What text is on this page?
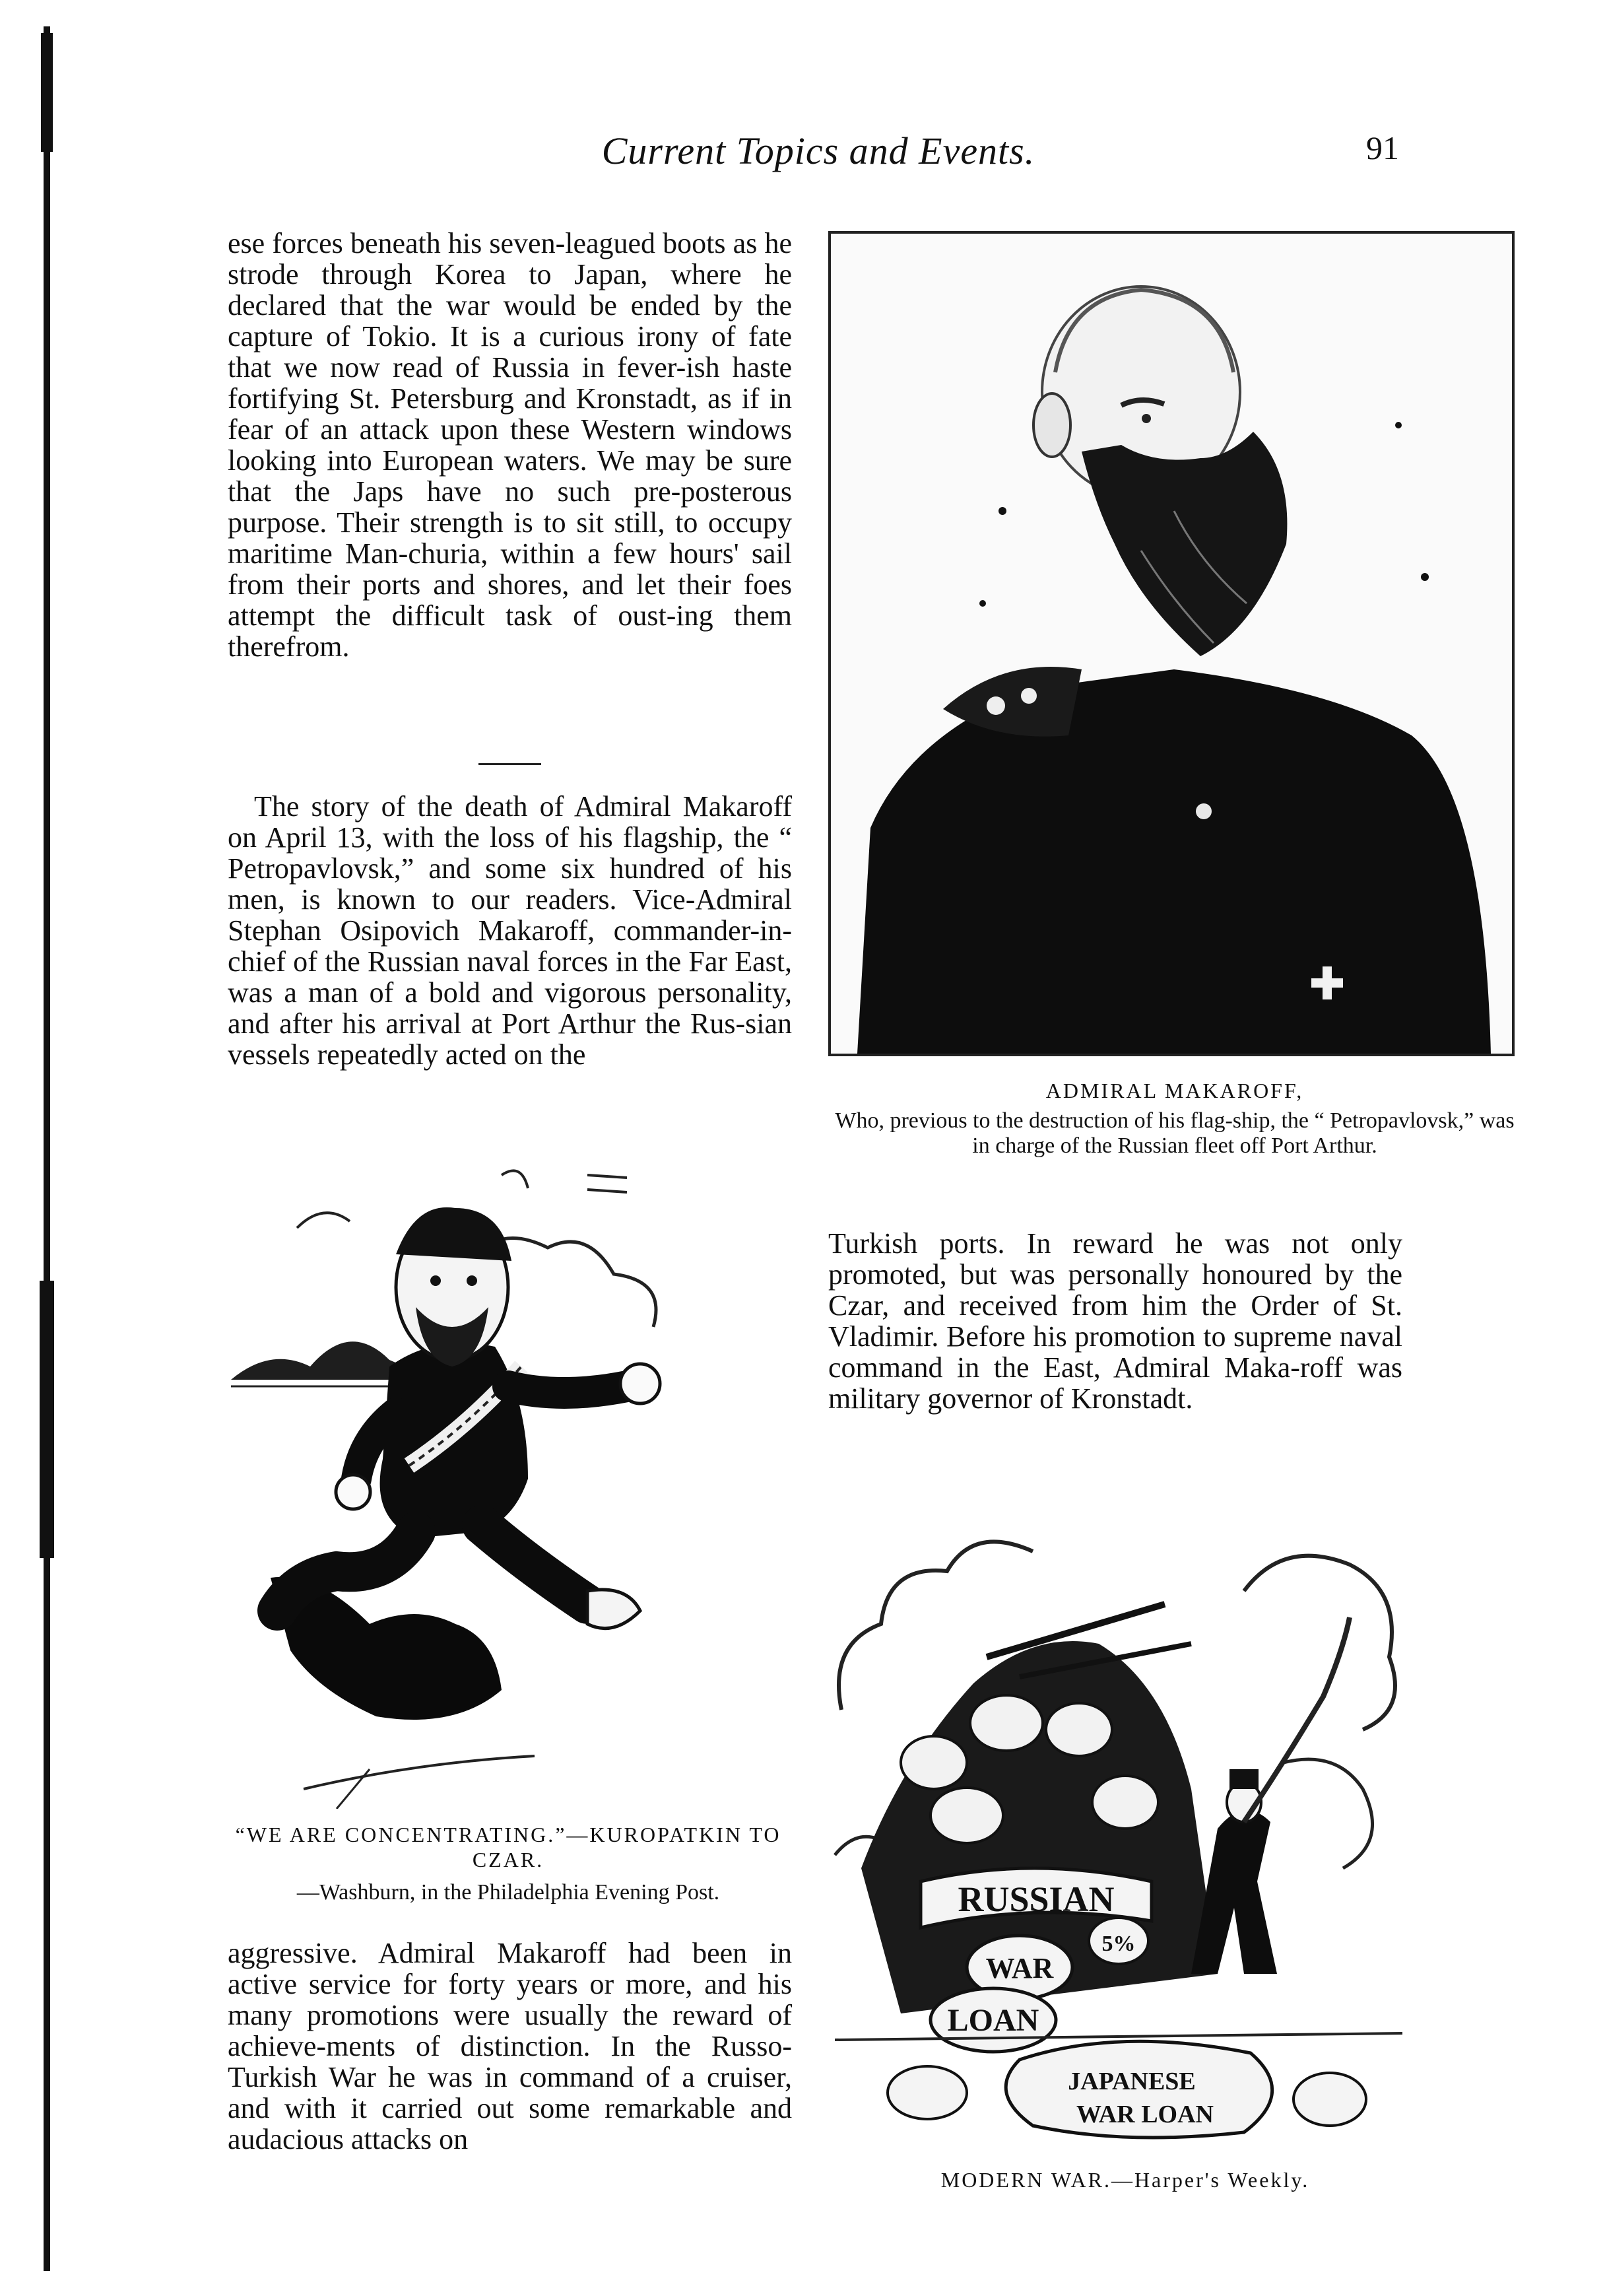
Current Topics and Events.	91

ese forces beneath his seven-leagued boots as he strode through Korea to Japan, where he declared that the war would be ended by the capture of Tokio. It is a curious irony of fate that we now read of Russia in fever-ish haste fortifying St. Petersburg and Kronstadt, as if in fear of an attack upon these Western windows looking into European waters. We may be sure that the Japs have no such pre-posterous purpose. Their strength is to sit still, to occupy maritime Man-churia, within a few hours' sail from their ports and shores, and let their foes attempt the difficult task of oust-ing them therefrom.

The story of the death of Admiral Makaroff on April 13, with the loss of his flagship, the “ Petropavlovsk,” and some six hundred of his men, is known to our readers. Vice-Admiral Stephan Osipovich Makaroff, commander-in-chief of the Russian naval forces in the Far East, was a man of a bold and vigorous personality, and after his arrival at Port Arthur the Rus-sian vessels repeatedly acted on the

ADMIRAL MAKAROFF,
Who, previous to the destruction of his flag-ship, the “ Petropavlovsk,” was in charge of the Russian fleet off Port Arthur.
“WE ARE CONCENTRATING.”—KUROPATKIN TO CZAR.
—Washburn, in the Philadelphia Evening Post.

aggressive. Admiral Makaroff had been in active service for forty years or more, and his many promotions were usually the reward of achieve-ments of distinction. In the Russo-Turkish War he was in command of a cruiser, and with it carried out some remarkable and audacious attacks on

Turkish ports. In reward he was not only promoted, but was personally honoured by the Czar, and received from him the Order of St. Vladimir. Before his promotion to supreme naval command in the East, Admiral Maka-roff was military governor of Kronstadt.

RUSSIAN
5%
WAR
LOAN
JAPANESE
WAR LOAN
MODERN WAR.—Harper's Weekly.
